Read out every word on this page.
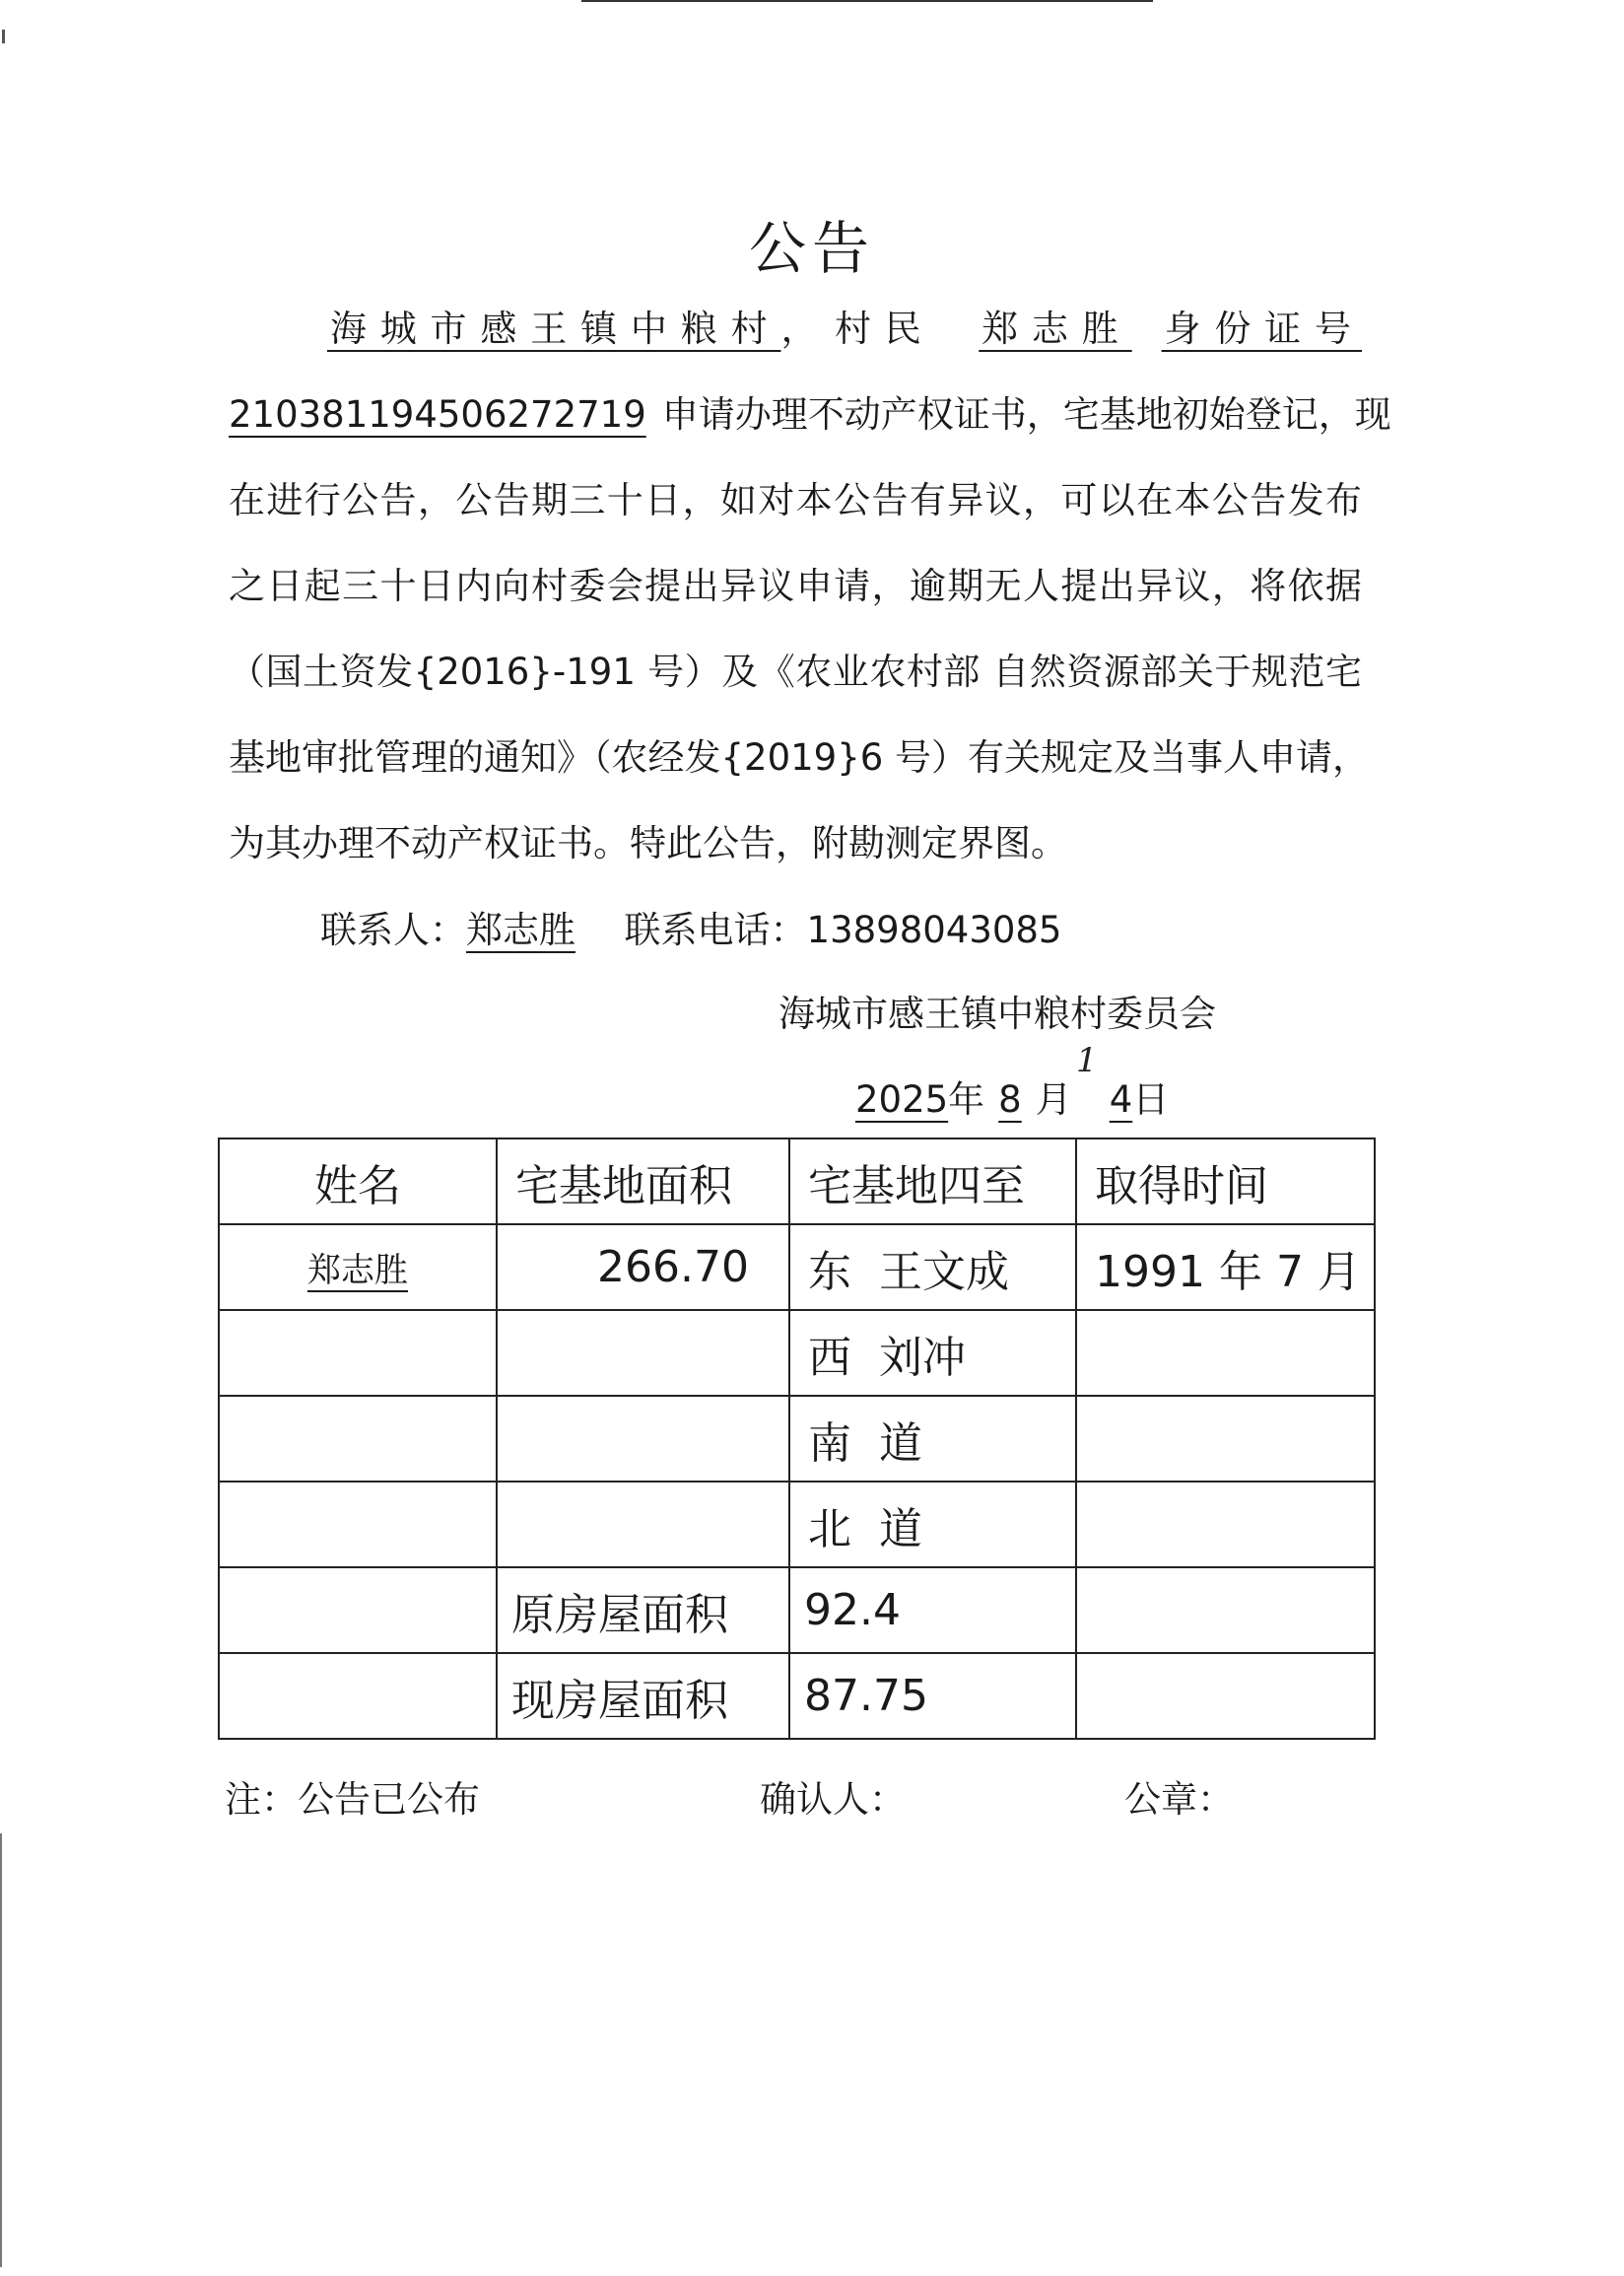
公告
海城市感王镇中粮村， 村民 郑志胜 身份证号
210381194506272719 申请办理不动产权证书，宅基地初始登记，现
在进行公告，公告期三十日，如对本公告有异议，可以在本公告发布
之日起三十日内向村委会提出异议申请，逾期无人提出异议，将依据
（国土资发{2016}-191 号）及《农业农村部 自然资源部关于规范宅
基地审批管理的通知》（农经发{2019}6 号）有关规定及当事人申请，
为其办理不动产权证书。特此公告，附勘测定界图。
联系人：郑志胜 联系电话：13898043085
海城市感王镇中粮村委员会
1
2025年 8 月 4日
姓名	宅基地面积	宅基地四至	取得时间
郑志胜	266.70	东  王文成	1991 年 7 月
		西  刘冲	
		南  道	
		北  道	
	原房屋面积	92.4	
	现房屋面积	87.75	
注：公告已公布	确认人：	公章：
